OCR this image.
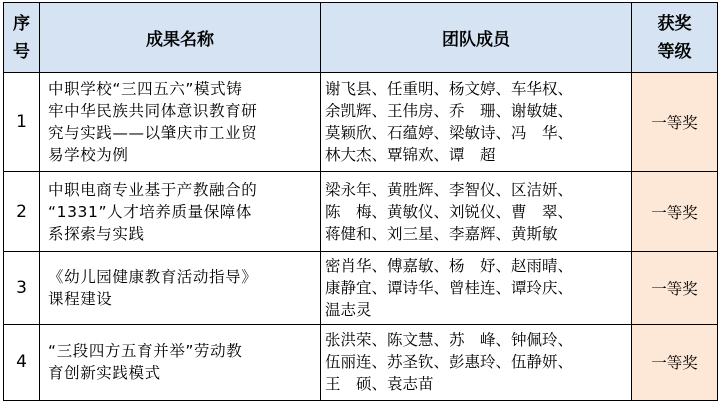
序
号	成果名称	团队成员	获奖
等级

1	中职学校“三四五六”模式铸
牢中华民族共同体意识教育研
究与实践——以肇庆市工业贸
易学校为例	谢飞县、任重明、杨文婷、车华权、
余凯辉、王伟房、乔　珊、谢敏婕、
莫颖欣、石蕴婷、梁敏诗、冯　华、
林大杰、覃锦欢、谭　超	一等奖
2	中职电商专业基于产教融合的
“1331”人才培养质量保障体
系探索与实践	梁永年、黄胜辉、李智仪、区洁妍、
陈　梅、黄敏仪、刘锐仪、曹　翠、
蒋健和、刘三星、李嘉辉、黄斯敏	一等奖
3	《幼儿园健康教育活动指导》
课程建设	密肖华、傅嘉敏、杨　妤、赵雨晴、
康静宜、谭诗华、曾桂连、谭玲庆、
温志灵	一等奖
4	“三段四方五育并举”劳动教
育创新实践模式	张洪荣、陈文慧、苏　峰、钟佩玲、
伍丽连、苏圣钦、彭惠玲、伍静妍、
王　硕、袁志苗	一等奖
